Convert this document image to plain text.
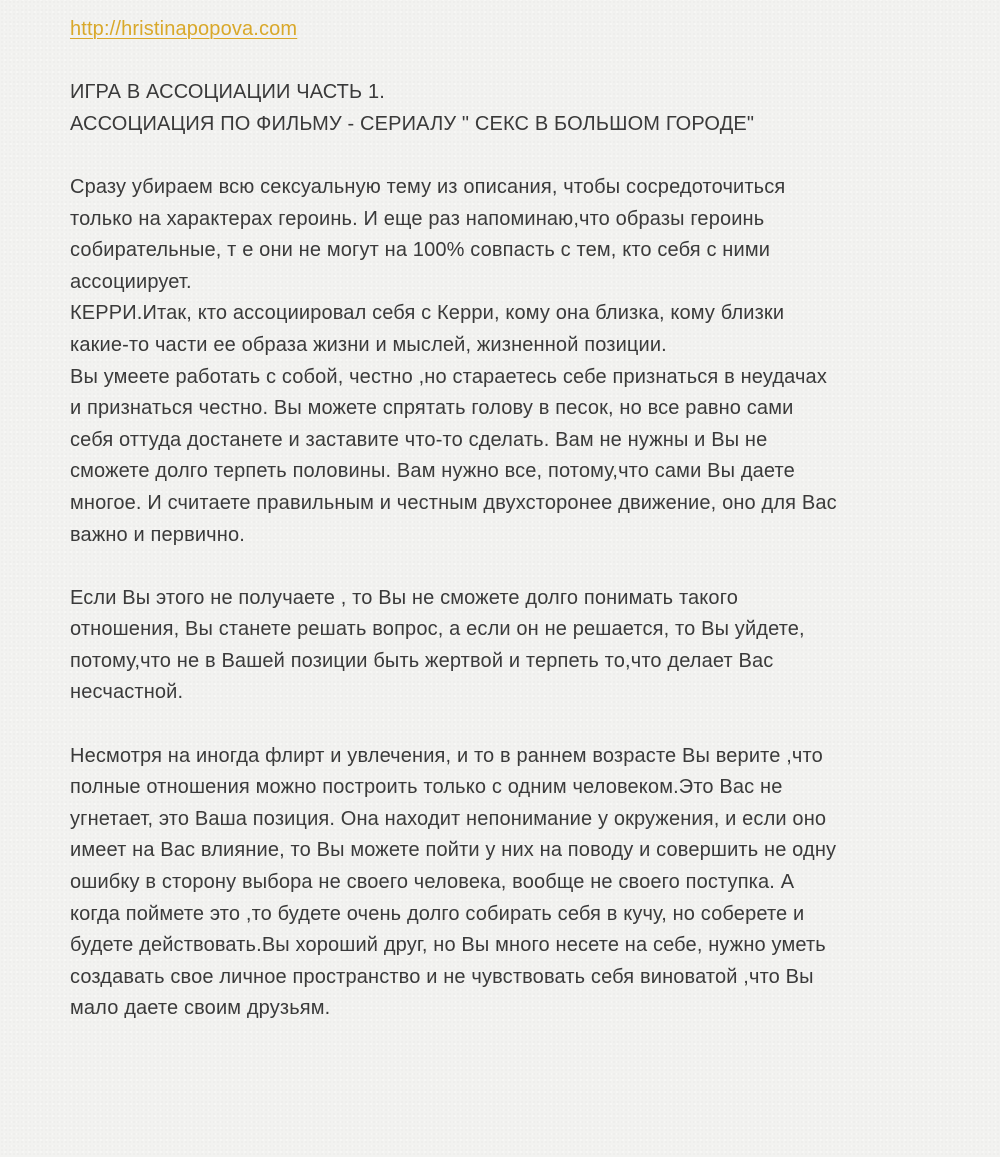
http://hristinapopova.com
ИГРА В АССОЦИАЦИИ ЧАСТЬ 1.
АССОЦИАЦИЯ ПО ФИЛЬМУ - СЕРИАЛУ " СЕКС В БОЛЬШОМ ГОРОДЕ"
Сразу убираем всю сексуальную тему из описания, чтобы сосредоточиться
только на характерах героинь. И еще раз напоминаю,что образы героинь
собирательные, т е они не могут на 100% совпасть с тем, кто себя с ними
ассоциирует.
КЕРРИ.Итак, кто ассоциировал себя с Керри, кому она близка, кому близки
какие-то части ее образа жизни и мыслей, жизненной позиции.
Вы умеете работать с собой, честно ,но стараетесь себе признаться в неудачах
и признаться честно. Вы можете спрятать голову в песок, но все равно сами
себя оттуда достанете и заставите что-то сделать. Вам не нужны и Вы не
сможете долго терпеть половины. Вам нужно все, потому,что сами Вы даете
многое. И считаете правильным и честным двухсторонее движение, оно для Вас
важно и первично.
Если Вы этого не получаете , то Вы не сможете долго понимать такого
отношения, Вы станете решать вопрос, а если он не решается, то Вы уйдете,
потому,что не в Вашей позиции быть жертвой и терпеть то,что делает Вас
несчастной.
Несмотря на иногда флирт и увлечения, и то в раннем возрасте Вы верите ,что
полные отношения можно построить только с одним человеком.Это Вас не
угнетает, это Ваша позиция. Она находит непонимание у окружения, и если оно
имеет на Вас влияние, то Вы можете пойти у них на поводу и совершить не одну
ошибку в сторону выбора не своего человека, вообще не своего поступка. А
когда поймете это ,то будете очень долго собирать себя в кучу, но соберете и
будете действовать.Вы хороший друг, но Вы много несете на себе, нужно уметь
создавать свое личное пространство и не чувствовать себя виноватой ,что Вы
мало даете своим друзьям.
